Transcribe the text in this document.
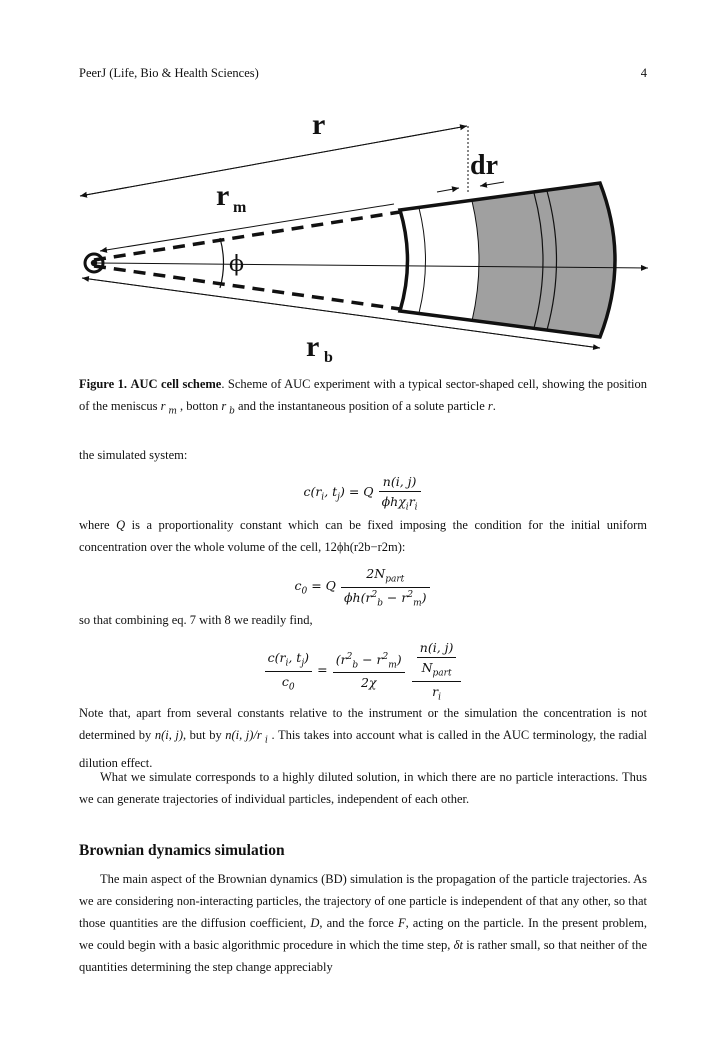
PeerJ (Life, Bio & Health Sciences)	4
r
dr
r m
ϕ
r b
Figure 1. AUC cell scheme. Scheme of AUC experiment with a typical sector-shaped cell, showing the position of the meniscus r $_m$ , botton r $_b$ and the instantaneous position of a solute particle r.
the simulated system:
$c(r_i$, $t_j) = Q \frac{n(i, j)}{\phi h\chi_ir_i}$
where Q is a proportionality constant which can be fixed imposing the condition for the initial uniform concentration over the whole volume of the cell, 12ϕh(r2b−r2m):
$c_0 = Q \frac{2N_{part}}{\phi h(r^2_b - r^2_m)}$
so that combining eq. 7 with 8 we readily find,
$\frac{c(r_i, t_j)}{c_0} = \frac{(r^2_b - r^2_m)}{2\chi}$
$\frac{\frac{n(i, j)}{N_{part}}}{r_i}$
Note that, apart from several constants relative to the instrument or the simulation the concentration is not determined by n(i, j), but by n(i, j)/r $_i$ . This takes into account what is called in the AUC terminology, the radial dilution effect.
What we simulate corresponds to a highly diluted solution, in which there are no particle interactions. Thus we can generate trajectories of individual particles, independent of each other.
Brownian dynamics simulation
The main aspect of the Brownian dynamics (BD) simulation is the propagation of the particle trajectories. As we are considering non-interacting particles, the trajectory of one particle is independent of that any other, so that those quantities are the diffusion coefficient, D, and the force F, acting on the particle. In the present problem, we could begin with a basic algorithmic procedure in which the time step, δt is rather small, so that neither of the quantities determining the step change appreciably
